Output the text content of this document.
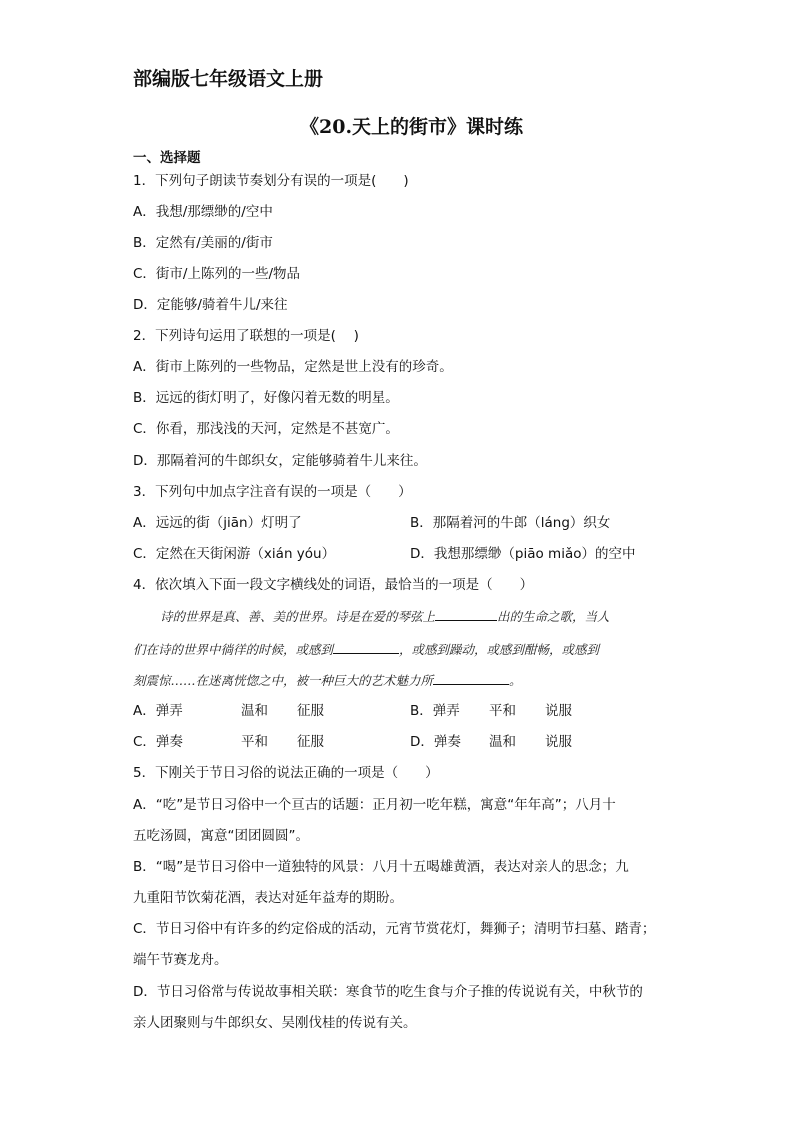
部编版七年级语文上册
《20.天上的街市》课时练
一、选择题
1．下列句子朗读节奏划分有误的一项是(　　)
A．我想/那缥缈的/空中
B．定然有/美丽的/街市
C．街市/上陈列的一些/物品
D．定能够/骑着牛儿/来往
2．下列诗句运用了联想的一项是(　 )
A．街市上陈列的一些物品，定然是世上没有的珍奇。
B．远远的街灯明了，好像闪着无数的明星。
C．你看，那浅浅的天河，定然是不甚宽广。
D．那隔着河的牛郎织女，定能够骑着牛儿来往。
3．下列句中加点字注音有误的一项是（　　）
A．远远的街（jiān）灯明了	B．那隔着河的牛郎（láng）织女
C．定然在天街闲游（xián yóu）	D．我想那缥缈（piāo miǎo）的空中
4．依次填入下面一段文字横线处的词语，最恰当的一项是（　　）
诗的世界是真、善、美的世界。诗是在爱的琴弦上	出的生命之歌，当人
们在诗的世界中徜徉的时候，或感到	，或感到躁动，或感到酣畅，或感到
刻震惊……在迷离恍惚之中，被一种巨大的艺术魅力所	。
A．弹弄	温和 征服	B．弹弄 平和 说服
C．弹奏	平和 征服	D．弹奏 温和 说服
5．下刚关于节日习俗的说法正确的一项是（　　）
A．“吃”是节日习俗中一个亘古的话题：正月初一吃年糕，寓意“年年高”；八月十
五吃汤圆，寓意“团团圆圆”。
B．“喝”是节日习俗中一道独特的风景：八月十五喝雄黄酒，表达对亲人的思念；九
九重阳节饮菊花酒，表达对延年益寿的期盼。
C．节日习俗中有许多的约定俗成的活动，元宵节赏花灯，舞狮子；清明节扫墓、踏青；
端午节赛龙舟。
D．节日习俗常与传说故事相关联：寒食节的吃生食与介子推的传说说有关，中秋节的
亲人团聚则与牛郎织女、吴刚伐桂的传说有关。
